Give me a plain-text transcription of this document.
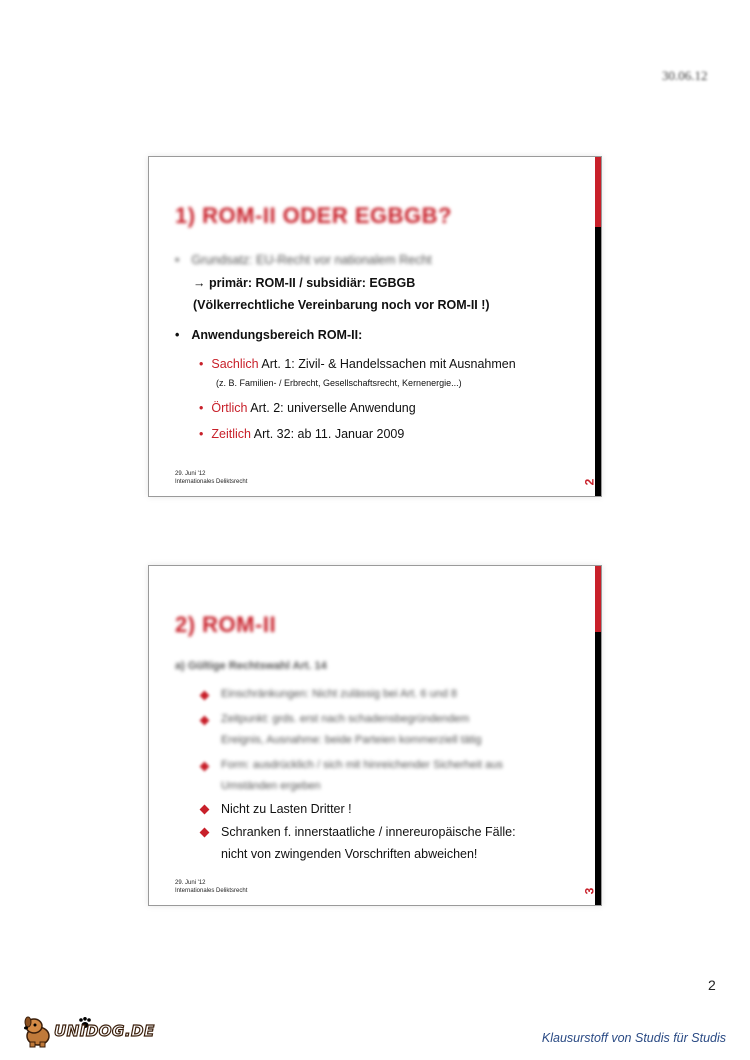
30.06.12
1) ROM-II ODER EGBGB?
• Grundsatz: EU-Recht vor nationalem Recht
→ primär: ROM-II / subsidiär: EGBGB
(Völkerrechtliche Vereinbarung noch vor ROM-II !)
• Anwendungsbereich ROM-II:
• Sachlich Art. 1: Zivil- & Handelssachen mit Ausnahmen
(z. B. Familien- / Erbrecht, Gesellschaftsrecht, Kernenergie...)
• Örtlich Art. 2: universelle Anwendung
• Zeitlich Art. 32: ab 11. Januar 2009
29. Juni '12
Internationales Deliktsrecht	2
2) ROM-II
a) Gültige Rechtswahl Art. 14
Einschränkungen: Nicht zulässig bei Art. 6 und 8
Zeitpunkt: grds. erst nach schadensbegründendem
Ereignis, Ausnahme: beide Parteien kommerziell tätig
Form: ausdrücklich / sich mit hinreichender Sicherheit aus
Umständen ergeben
Nicht zu Lasten Dritter !
Schranken f. innerstaatliche / innereuropäische Fälle:
nicht von zwingenden Vorschriften abweichen!
29. Juni '12
Internationales Deliktsrecht	3
2
UNIDOG.DE	Klausurstoff von Studis für Studis
